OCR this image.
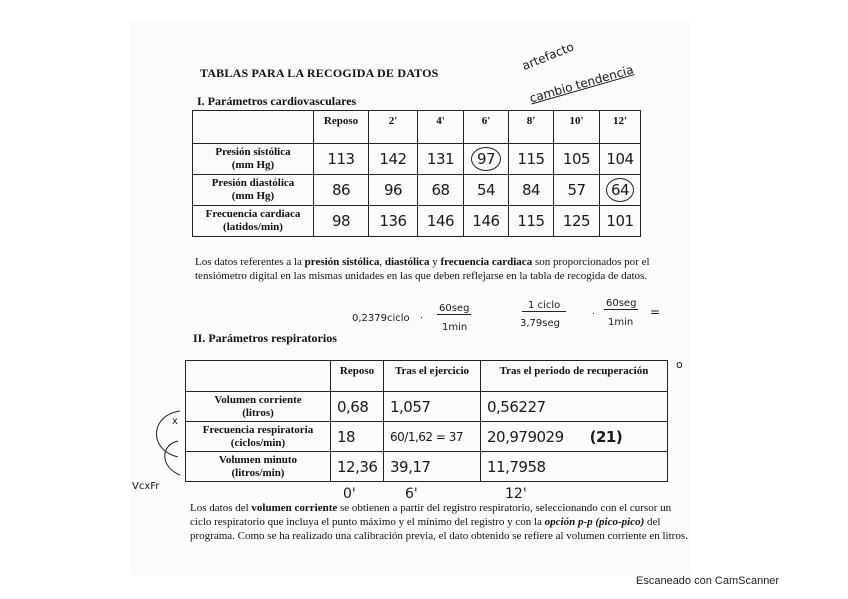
TABLAS PARA LA RECOGIDA DE DATOS
I. Parámetros cardiovasculares
artefacto
cambio tendencia
	Reposo	2'	4'	6'	8'	10'	12'
Presión sistólica
(mm Hg)	113	142	131	97	115	105	104
Presión diastólica
(mm Hg)	86	96	68	54	84	57	64
Frecuencia cardiaca
(latidos/min)	98	136	146	146	115	125	101
Los datos referentes a la presión sistólica, diastólica y frecuencia cardiaca son proporcionados por el tensiómetro digital en las mismas unidades en las que deben reflejarse en la tabla de recogida de datos.
0,2379ciclo ·
60seg
1min
1 ciclo
3,79seg
·
60seg
1min
=
II. Parámetros respiratorios
o
	Reposo	Tras el ejercicio	Tras el periodo de recuperación
Volumen corriente
(litros)	0,68	1,057	0,56227
Frecuencia respiratoria
(ciclos/min)	18	60/1,62 = 37	20,979029 (21)
Volumen minuto
(litros/min)	12,36	39,17	11,7958
x
VcxFr	0'	6'	12'
Los datos del volumen corriente se obtienen a partir del registro respiratorio, seleccionando con el cursor un ciclo respiratorio que incluya el punto máximo y el mínimo del registro y con la opción p-p (pico-pico) del programa. Como se ha realizado una calibración previa, el dato obtenido se refiere al volumen corriente en litros.
Escaneado con CamScanner
